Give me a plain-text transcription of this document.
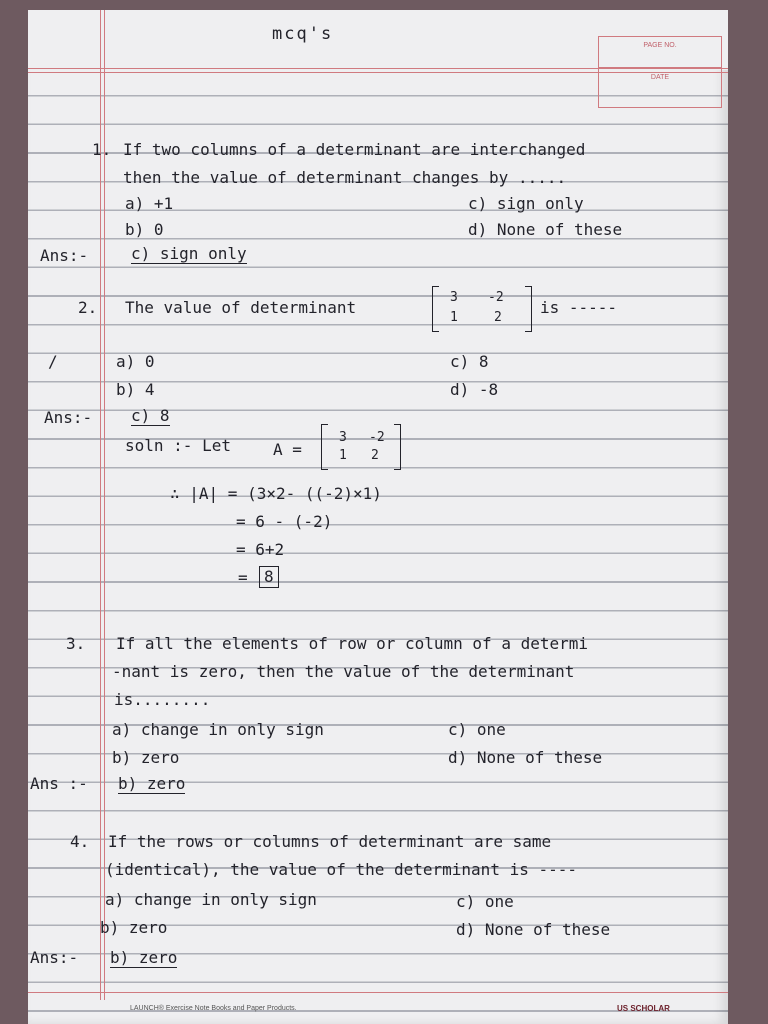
PAGE NO.
DATE
mcq's
1. If two columns of a determinant are interchanged
then the value of determinant changes by .....
a) +1
b) 0
c) sign only
d) None of these
Ans:-	c) sign only
2. The value of determinant
3 -2
1	2
is -----
/	a) 0
b) 4
c) 8
d) -8
Ans:- c) 8
soln :- Let	A =
3 -2
1 2
∴ |A| = (3×2- ((-2)×1)
= 6 - (-2)
= 6+2
=	8
3. If all the elements of row or column of a determi
-nant is zero, then the value of the determinant
is........
a) change in only sign
b) zero
c) one
d) None of these
Ans :- b) zero
4. If the rows or columns of determinant are same
(identical), the value of the determinant is ----
a) change in only sign
b) zero
c) one
d) None of these
Ans:- b) zero
LAUNCH® Exercise Note Books and Paper Products.	US SCHOLAR
